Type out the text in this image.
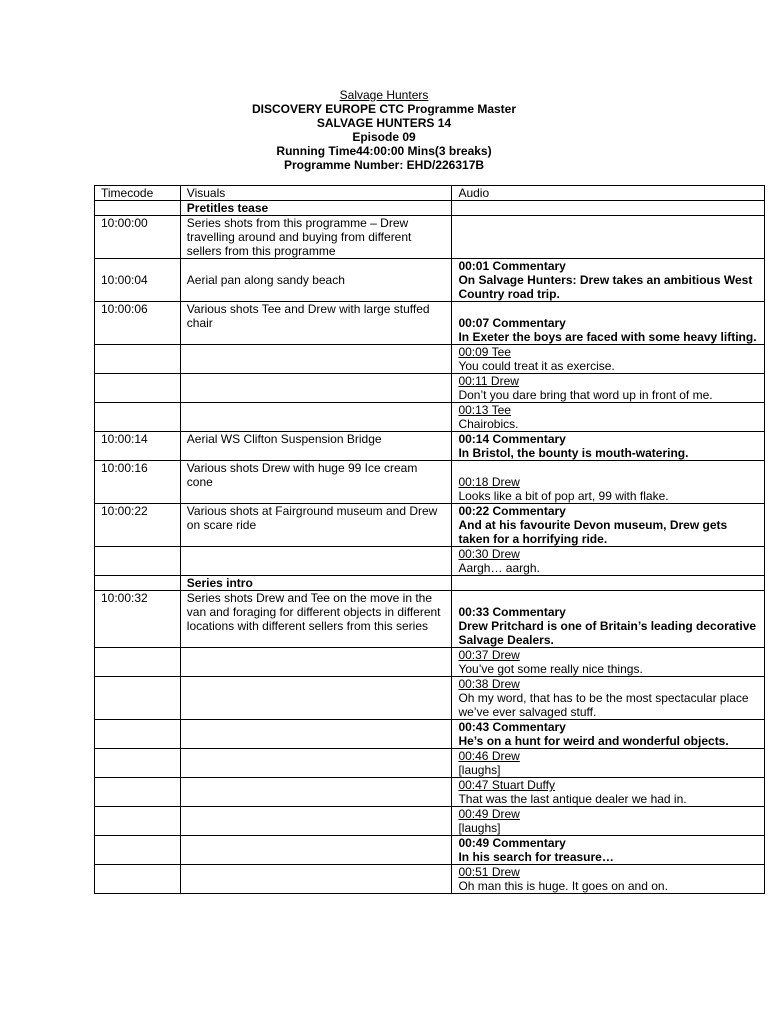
Salvage Hunters
DISCOVERY EUROPE CTC Programme Master
SALVAGE HUNTERS 14
Episode 09
Running Time44:00:00 Mins(3 breaks)
Programme Number: EHD/226317B
Timecode	Visuals	Audio
	Pretitles tease	
10:00:00	Series shots from this programme – Drew travelling around and buying from different sellers from this programme	

10:00:04	Aerial pan along sandy beach	00:01 Commentary
On Salvage Hunters: Drew takes an ambitious West Country road trip.

10:00:06	Various shots Tee and Drew with large stuffed chair	00:07 Commentary
In Exeter the boys are faced with some heavy lifting.

		00:09 Tee
You could treat it as exercise.

		00:11 Drew
Don’t you dare bring that word up in front of me.

		00:13 Tee
Chairobics.

10:00:14	Aerial WS Clifton Suspension Bridge	00:14 Commentary
In Bristol, the bounty is mouth-watering.

10:00:16	Various shots Drew with huge 99 Ice cream cone	00:18 Drew
Looks like a bit of pop art, 99 with flake.

10:00:22	Various shots at Fairground museum and Drew on scare ride	00:22 Commentary
And at his favourite Devon museum, Drew gets taken for a horrifying ride.

		00:30 Drew
Aargh… aargh.

	Series intro	
10:00:32	Series shots Drew and Tee on the move in the van and foraging for different objects in different locations with different sellers from this series	00:33 Commentary
Drew Pritchard is one of Britain’s leading decorative Salvage Dealers.

		00:37 Drew
You’ve got some really nice things.

		00:38 Drew
Oh my word, that has to be the most spectacular place we’ve ever salvaged stuff.

		00:43 Commentary
He’s on a hunt for weird and wonderful objects.

		00:46 Drew
[laughs]

		00:47 Stuart Duffy
That was the last antique dealer we had in.

		00:49 Drew
[laughs]

		00:49 Commentary
In his search for treasure…

		00:51 Drew
Oh man this is huge. It goes on and on.
